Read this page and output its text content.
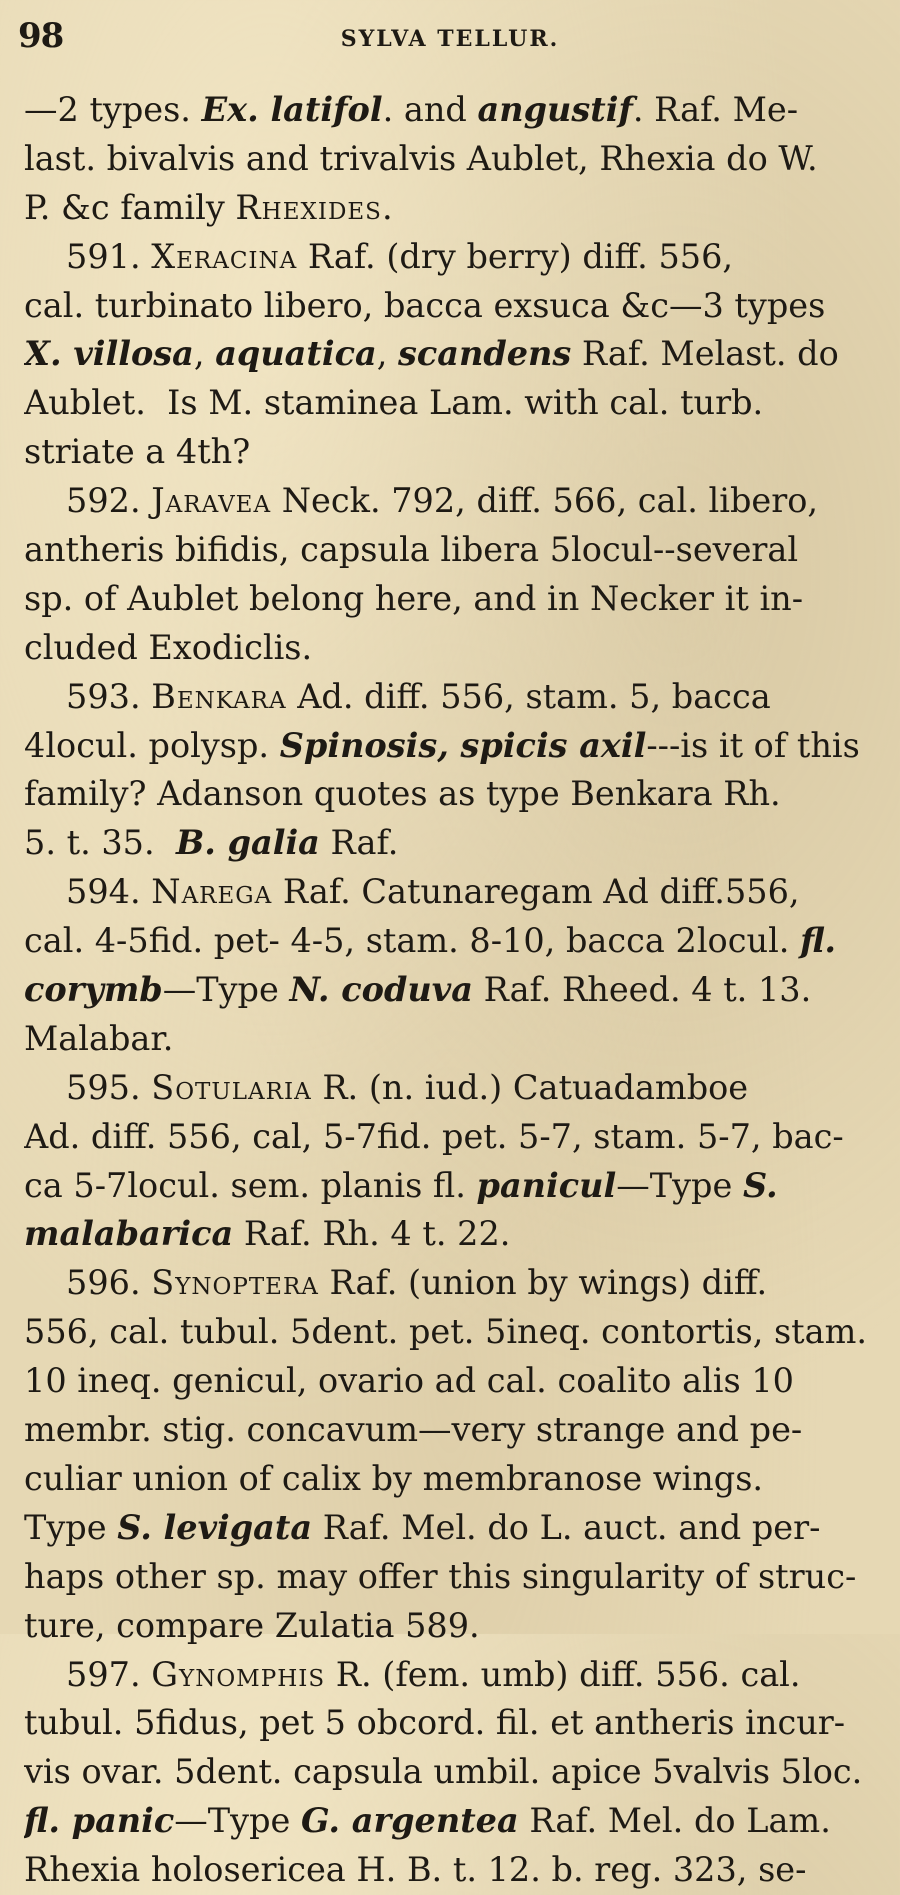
98	SYLVA TELLUR.
—2 types. Ex. latifol. and angustif. Raf. Me-
last. bivalvis and trivalvis Aublet, Rhexia do W.
P. &c family Rhexides.
591. Xeracina Raf. (dry berry) diff. 556,
cal. turbinato libero, bacca exsuca &c—3 types
X. villosa, aquatica, scandens Raf. Melast. do
Aublet.  Is M. staminea Lam. with cal. turb.
striate a 4th?
592. Jaravea Neck. 792, diff. 566, cal. libero,
antheris bifidis, capsula libera 5locul--several
sp. of Aublet belong here, and in Necker it in-
cluded Exodiclis.
593. Benkara Ad. diff. 556, stam. 5, bacca
4locul. polysp. Spinosis, spicis axil---is it of this
family? Adanson quotes as type Benkara Rh.
5. t. 35.  B. galia Raf.
594. Narega Raf. Catunaregam Ad diff.556,
cal. 4-5fid. pet- 4-5, stam. 8-10, bacca 2locul. fl.
corymb—Type N. coduva Raf. Rheed. 4 t. 13.
Malabar.
595. Sotularia R. (n. iud.) Catuadamboe
Ad. diff. 556, cal, 5-7fid. pet. 5-7, stam. 5-7, bac-
ca 5-7locul. sem. planis fl. panicul—Type S.
malabarica Raf. Rh. 4 t. 22.
596. Synoptera Raf. (union by wings) diff.
556, cal. tubul. 5dent. pet. 5ineq. contortis, stam.
10 ineq. genicul, ovario ad cal. coalito alis 10
membr. stig. concavum—very strange and pe-
culiar union of calix by membranose wings.
Type S. levigata Raf. Mel. do L. auct. and per-
haps other sp. may offer this singularity of struc-
ture, compare Zulatia 589.
597. Gynomphis R. (fem. umb) diff. 556. cal.
tubul. 5fidus, pet 5 obcord. fil. et antheris incur-
vis ovar. 5dent. capsula umbil. apice 5valvis 5loc.
fl. panic—Type G. argentea Raf. Mel. do Lam.
Rhexia holosericea H. B. t. 12. b. reg. 323, se-
